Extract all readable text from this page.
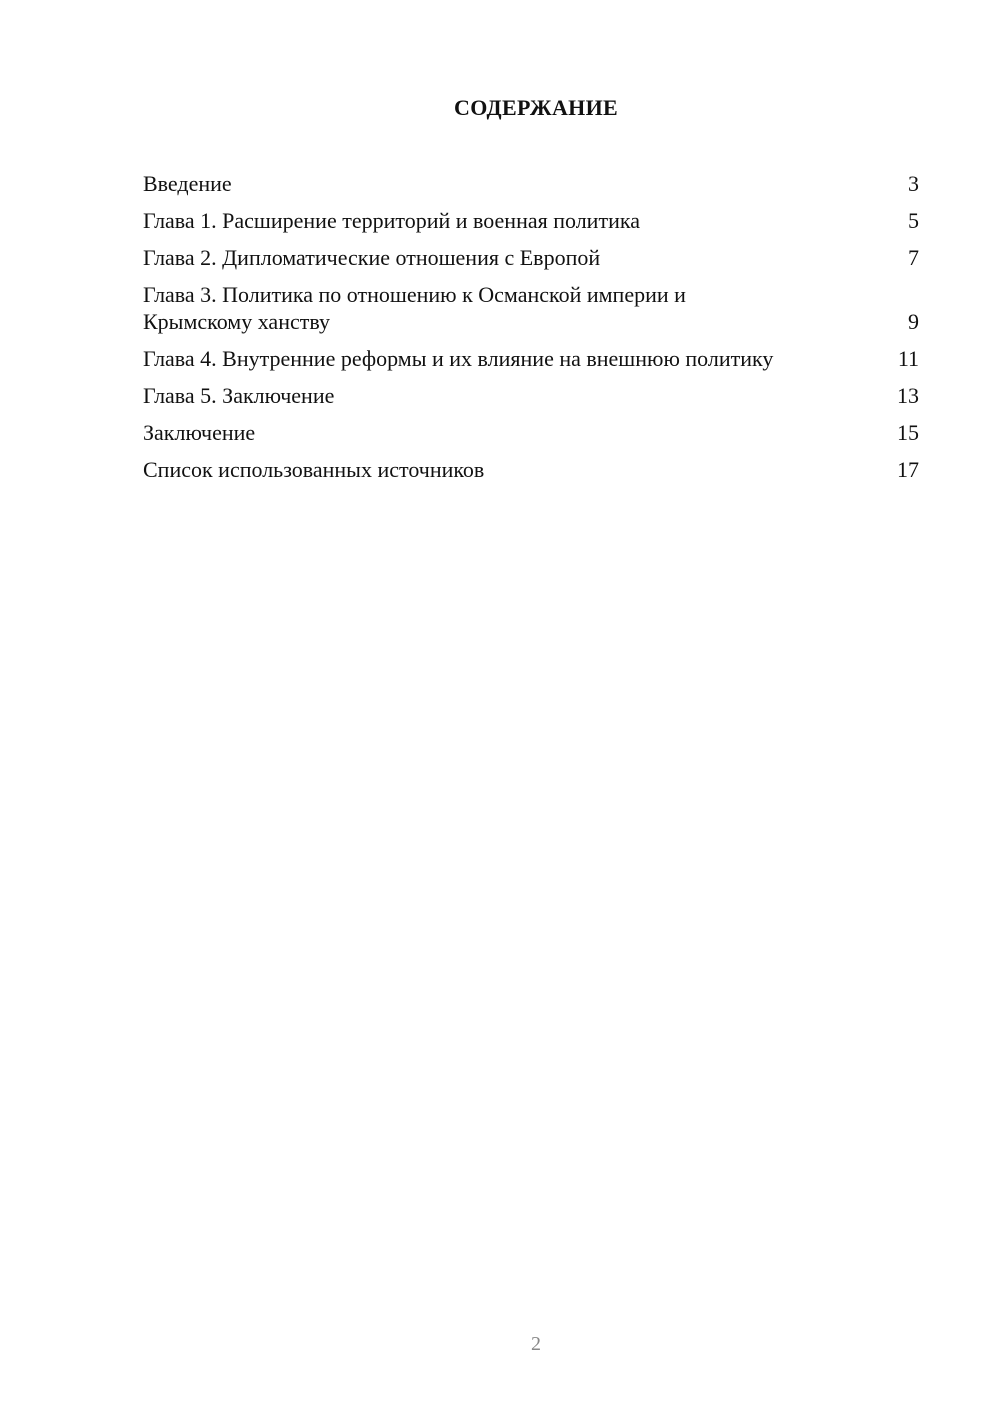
СОДЕРЖАНИЕ
Введение	3
Глава 1. Расширение территорий и военная политика	5
Глава 2. Дипломатические отношения с Европой	7
Глава 3. Политика по отношению к Османской империи и Крымскому ханству	9
Глава 4. Внутренние реформы и их влияние на внешнюю политику	11
Глава 5. Заключение	13
Заключение	15
Список использованных источников	17
2
